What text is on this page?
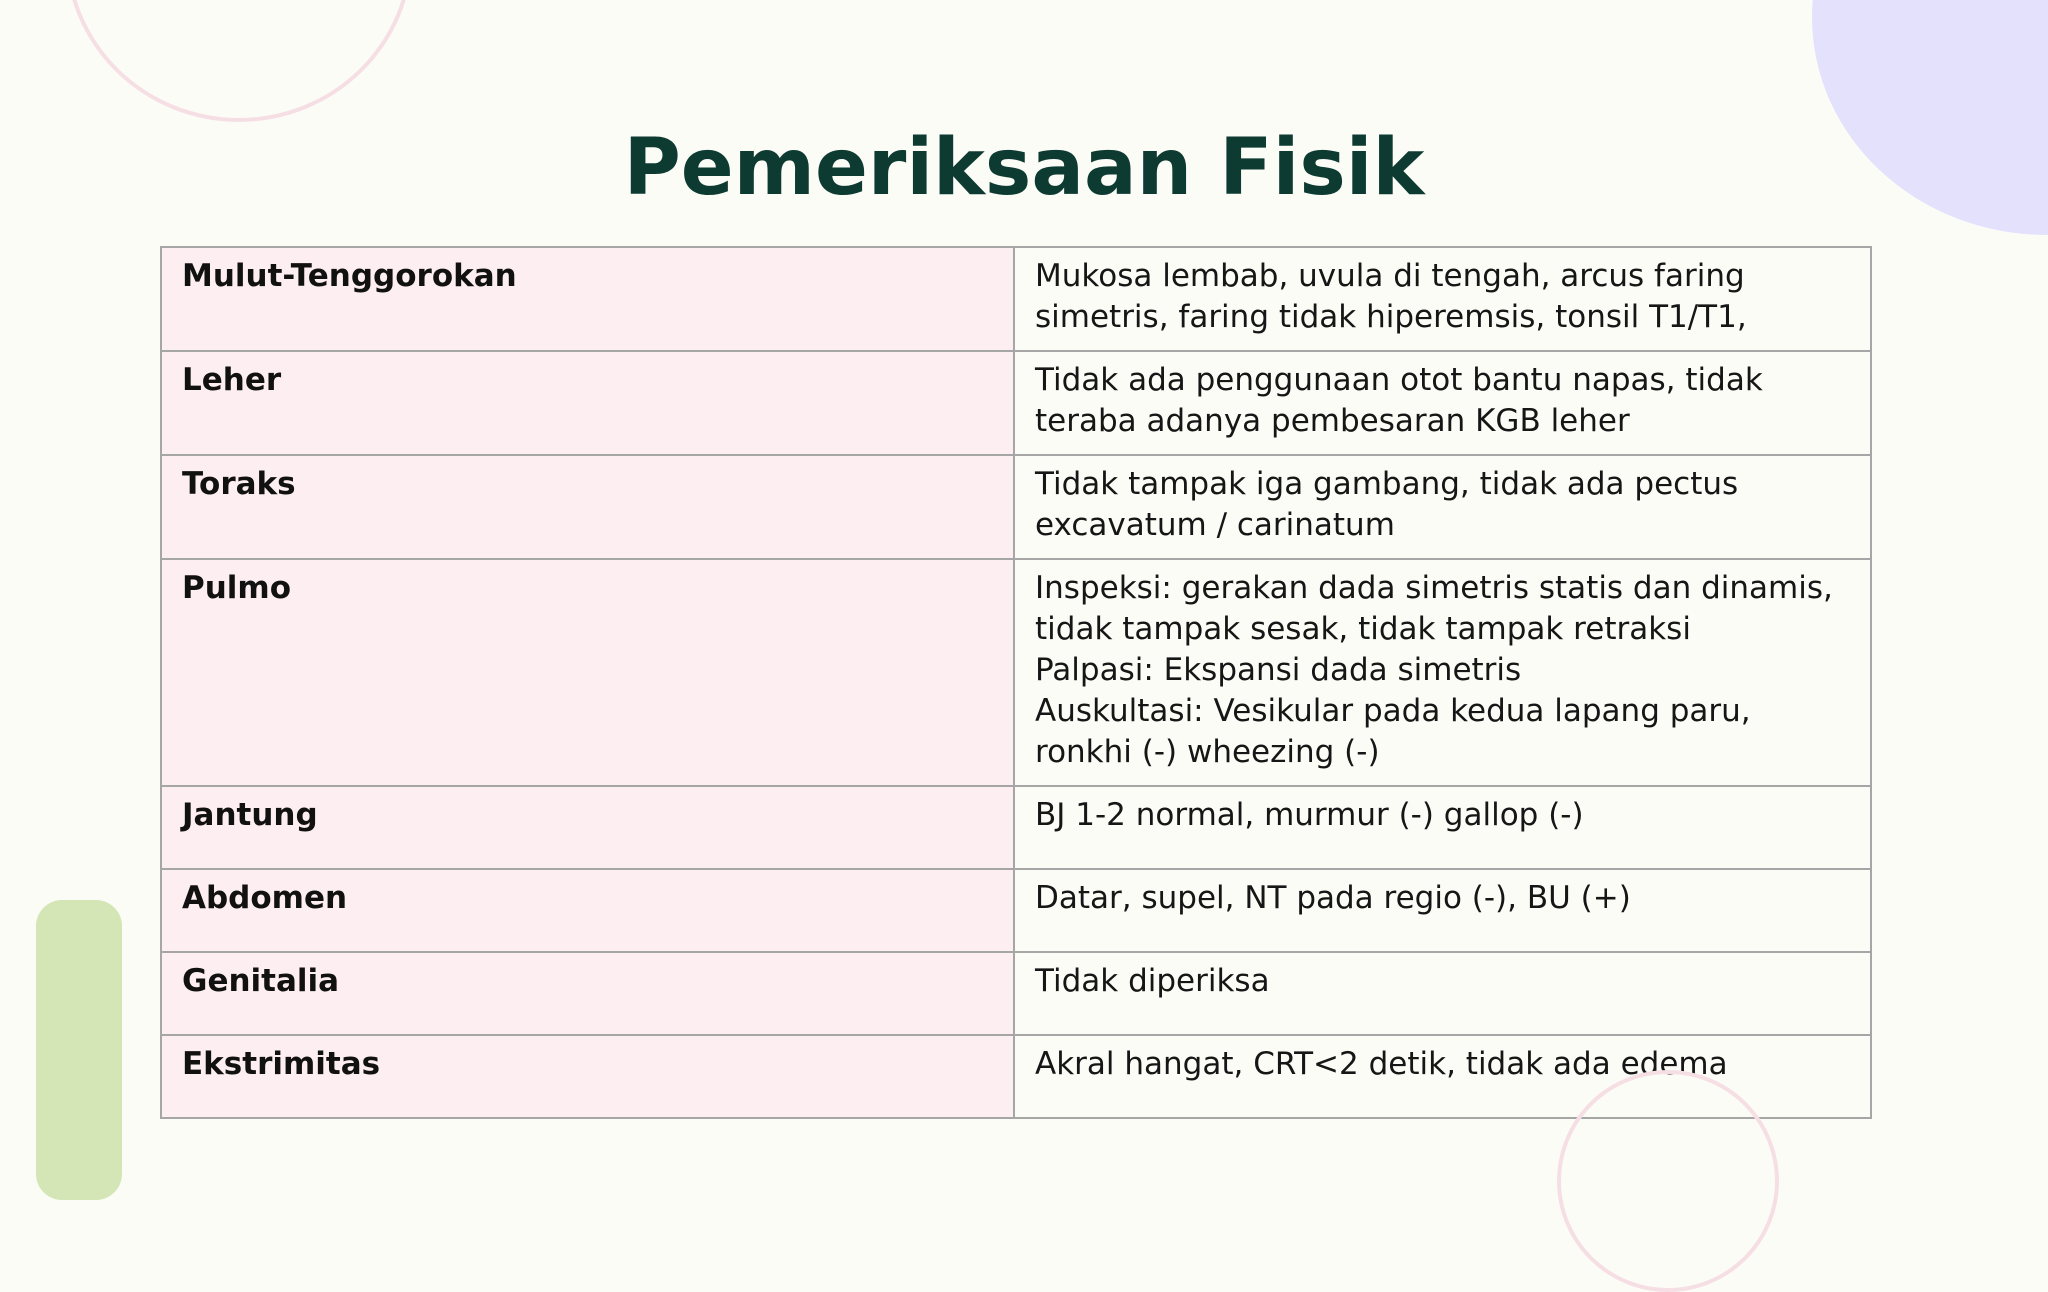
Pemeriksaan Fisik
Mulut-Tenggorokan	Mukosa lembab, uvula di tengah, arcus faring
simetris, faring tidak hiperemsis, tonsil T1/T1,
Leher	Tidak ada penggunaan otot bantu napas, tidak
teraba adanya pembesaran KGB leher
Toraks	Tidak tampak iga gambang, tidak ada pectus
excavatum / carinatum
Pulmo	Inspeksi: gerakan dada simetris statis dan dinamis,
tidak tampak sesak, tidak tampak retraksi
Palpasi: Ekspansi dada simetris
Auskultasi: Vesikular pada kedua lapang paru,
ronkhi (-) wheezing (-)
Jantung	BJ 1-2 normal, murmur (-) gallop (-)
Abdomen	Datar, supel, NT pada regio (-), BU (+)
Genitalia	Tidak diperiksa
Ekstrimitas	Akral hangat, CRT<2 detik, tidak ada edema
